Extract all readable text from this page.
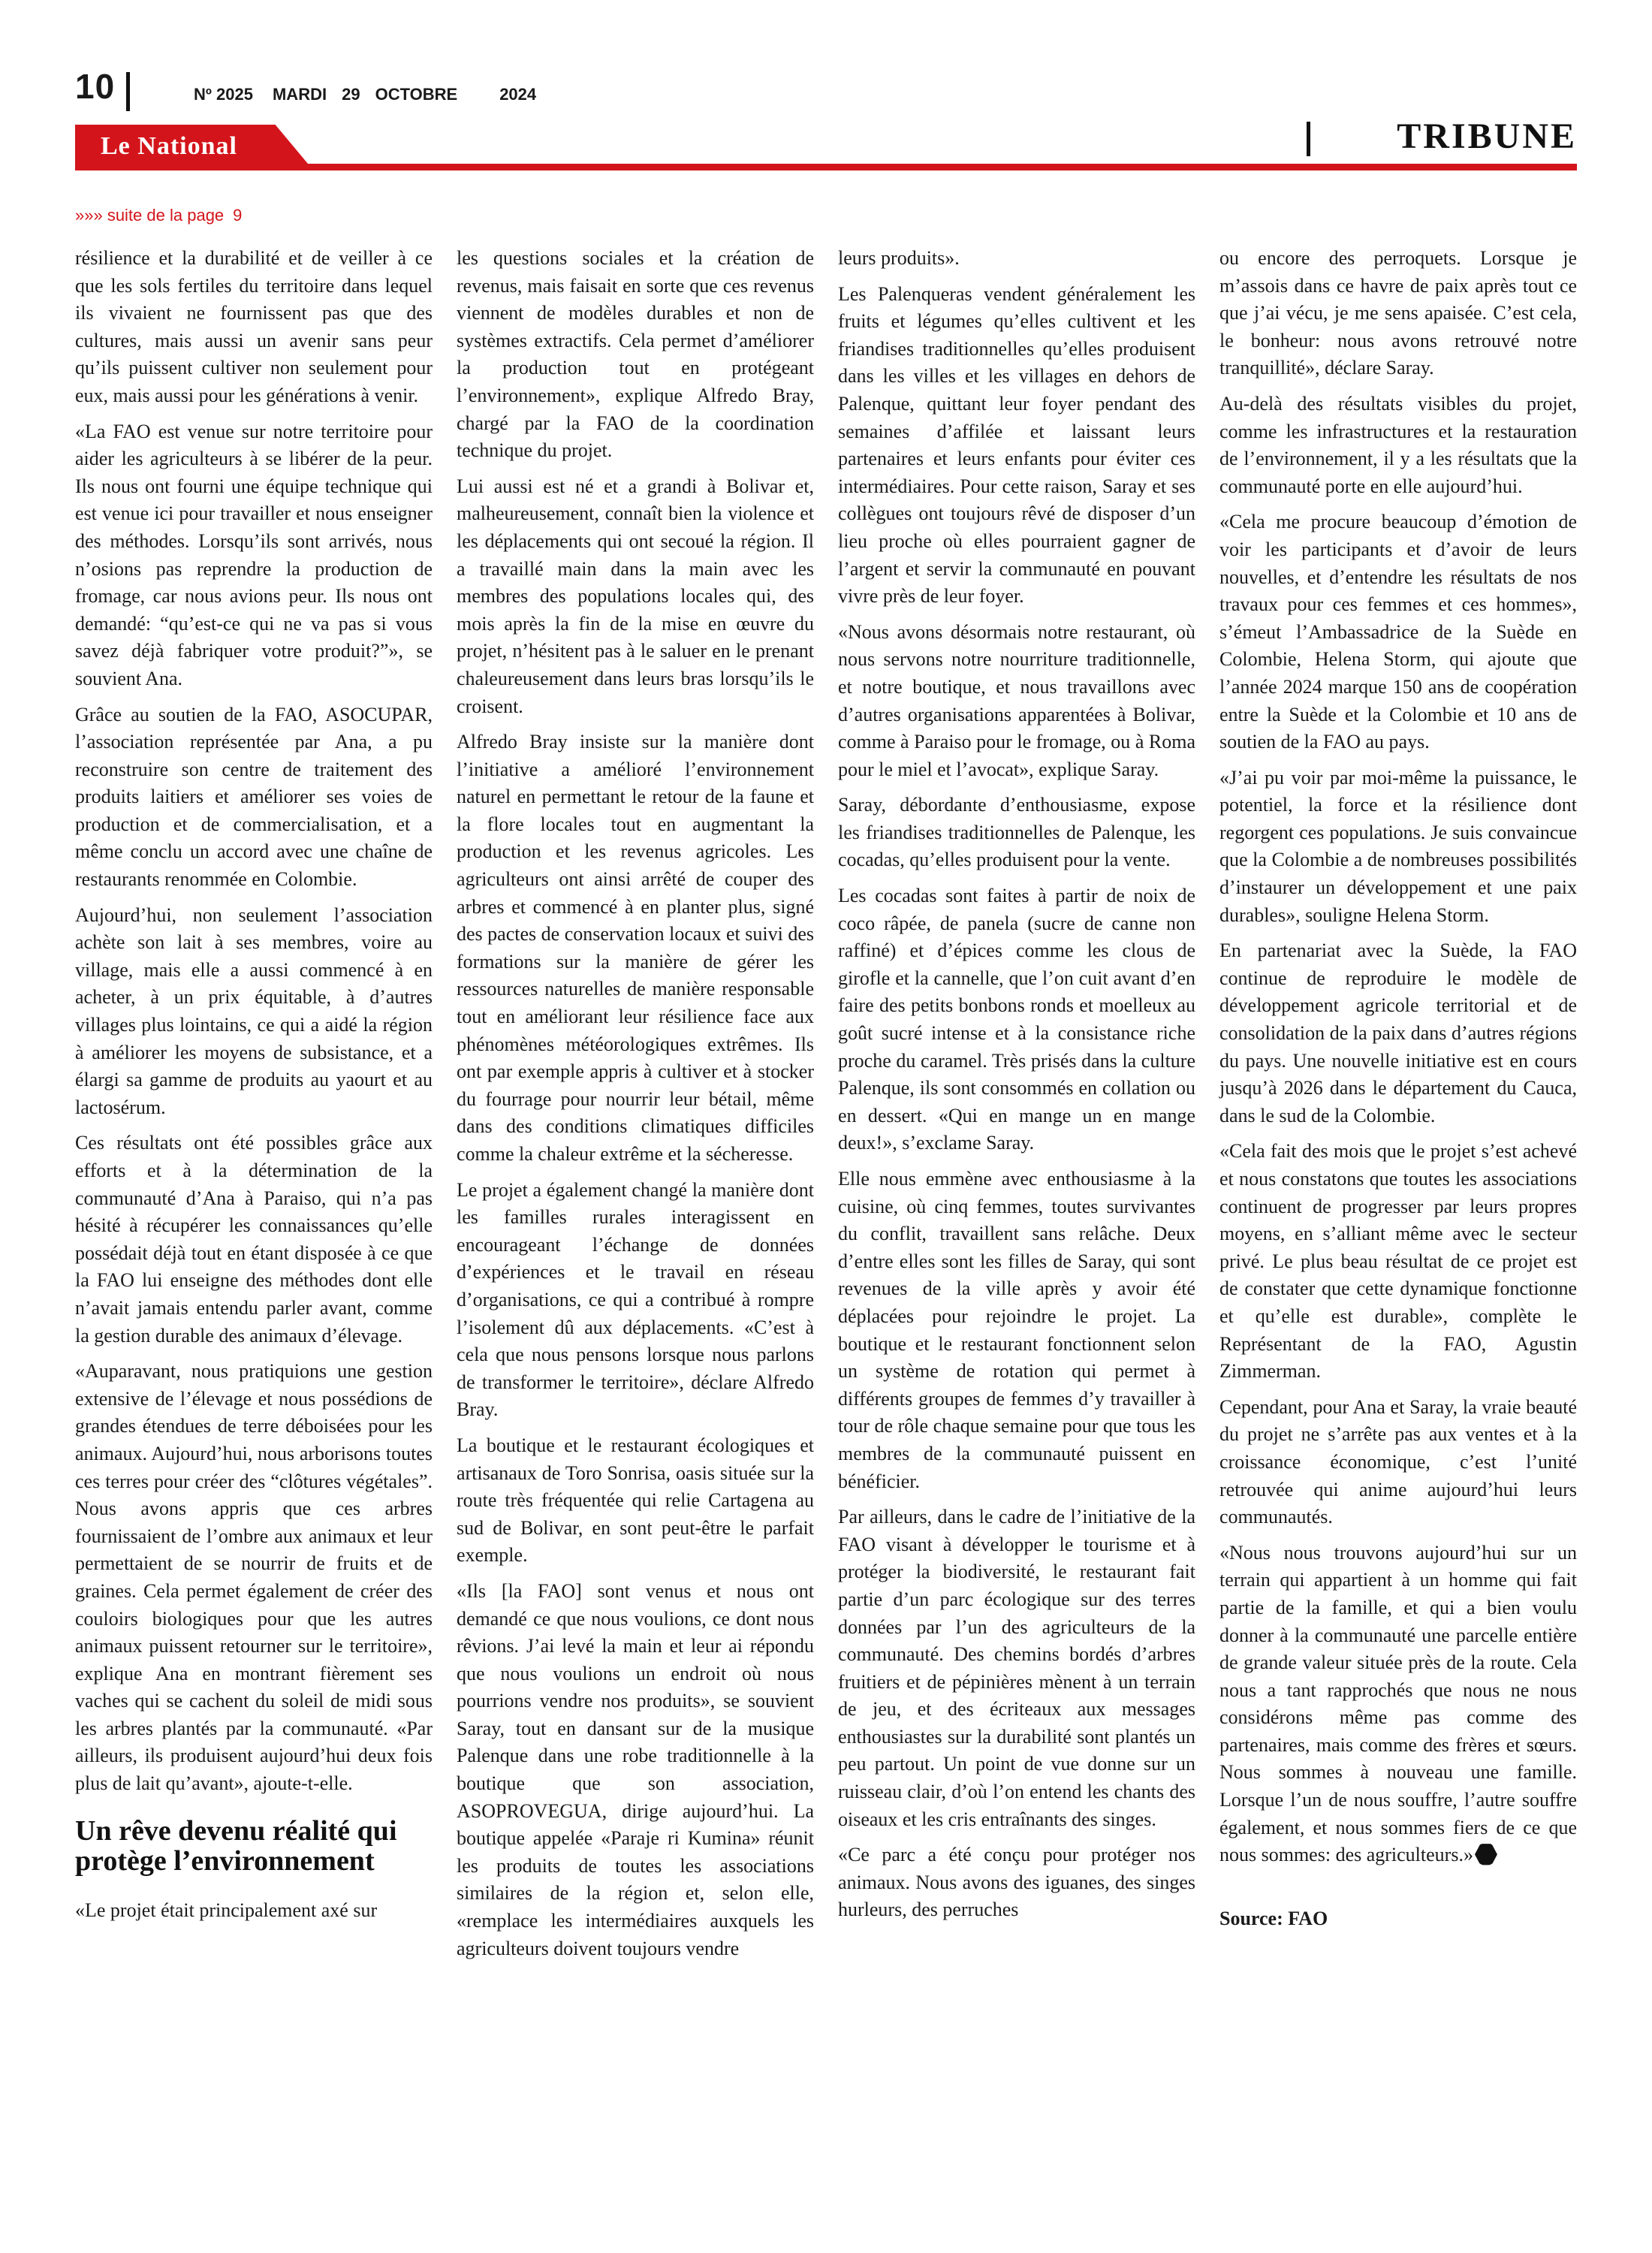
10	Nº 2025 MARDI 29 OCTOBRE	2024
Le National	TRIBUNE
»»» suite de la page 9

résilience et la durabilité et de veiller à ce que les sols fertiles du territoire dans lequel ils vivaient ne fournissent pas que des cultures, mais aussi un avenir sans peur qu’ils puissent cultiver non seulement pour eux, mais aussi pour les générations à venir.

«La FAO est venue sur notre territoire pour aider les agriculteurs à se libérer de la peur. Ils nous ont fourni une équipe technique qui est venue ici pour travailler et nous enseigner des méthodes. Lorsqu’ils sont arrivés, nous n’osions pas reprendre la production de fromage, car nous avions peur. Ils nous ont demandé: “qu’est-ce qui ne va pas si vous savez déjà fabriquer votre produit?”», se souvient Ana.

Grâce au soutien de la FAO, ASOCUPAR, l’association représentée par Ana, a pu reconstruire son centre de traitement des produits laitiers et améliorer ses voies de production et de commercialisation, et a même conclu un accord avec une chaîne de restaurants renommée en Colombie.

Aujourd’hui, non seulement l’association achète son lait à ses membres, voire au village, mais elle a aussi commencé à en acheter, à un prix équitable, à d’autres villages plus lointains, ce qui a aidé la région à améliorer les moyens de subsistance, et a élargi sa gamme de produits au yaourt et au lactosérum.

Ces résultats ont été possibles grâce aux efforts et à la détermination de la communauté d’Ana à Paraiso, qui n’a pas hésité à récupérer les connaissances qu’elle possédait déjà tout en étant disposée à ce que la FAO lui enseigne des méthodes dont elle n’avait jamais entendu parler avant, comme la gestion durable des animaux d’élevage.

«Auparavant, nous pratiquions une gestion extensive de l’élevage et nous possédions de grandes étendues de terre déboisées pour les animaux. Aujourd’hui, nous arborisons toutes ces terres pour créer des “clôtures végétales”. Nous avons appris que ces arbres fournissaient de l’ombre aux animaux et leur permettaient de se nourrir de fruits et de graines. Cela permet également de créer des couloirs biologiques pour que les autres animaux puissent retourner sur le territoire», explique Ana en montrant fièrement ses vaches qui se cachent du soleil de midi sous les arbres plantés par la communauté. «Par ailleurs, ils produisent aujourd’hui deux fois plus de lait qu’avant», ajoute-t-elle.

Un rêve devenu réalité qui protège l’environnement

«Le projet était principalement axé sur

les questions sociales et la création de revenus, mais faisait en sorte que ces revenus viennent de modèles durables et non de systèmes extractifs. Cela permet d’améliorer la production tout en protégeant l’environnement», explique Alfredo Bray, chargé par la FAO de la coordination technique du projet.

Lui aussi est né et a grandi à Bolivar et, malheureusement, connaît bien la violence et les déplacements qui ont secoué la région. Il a travaillé main dans la main avec les membres des populations locales qui, des mois après la fin de la mise en œuvre du projet, n’hésitent pas à le saluer en le prenant chaleureusement dans leurs bras lorsqu’ils le croisent.

Alfredo Bray insiste sur la manière dont l’initiative a amélioré l’environnement naturel en permettant le retour de la faune et la flore locales tout en augmentant la production et les revenus agricoles. Les agriculteurs ont ainsi arrêté de couper des arbres et commencé à en planter plus, signé des pactes de conservation locaux et suivi des formations sur la manière de gérer les ressources naturelles de manière responsable tout en améliorant leur résilience face aux phénomènes météorologiques extrêmes. Ils ont par exemple appris à cultiver et à stocker du fourrage pour nourrir leur bétail, même dans des conditions climatiques difficiles comme la chaleur extrême et la sécheresse.

Le projet a également changé la manière dont les familles rurales interagissent en encourageant l’échange de données d’expériences et le travail en réseau d’organisations, ce qui a contribué à rompre l’isolement dû aux déplacements. «C’est à cela que nous pensons lorsque nous parlons de transformer le territoire», déclare Alfredo Bray.

La boutique et le restaurant écologiques et artisanaux de Toro Sonrisa, oasis située sur la route très fréquentée qui relie Cartagena au sud de Bolivar, en sont peut-être le parfait exemple.

«Ils [la FAO] sont venus et nous ont demandé ce que nous voulions, ce dont nous rêvions. J’ai levé la main et leur ai répondu que nous voulions un endroit où nous pourrions vendre nos produits», se souvient Saray, tout en dansant sur de la musique Palenque dans une robe traditionnelle à la boutique que son association, ASOPROVEGUA, dirige aujourd’hui. La boutique appelée «Paraje ri Kumina» réunit les produits de toutes les associations similaires de la région et, selon elle, «remplace les intermédiaires auxquels les agriculteurs doivent toujours vendre

leurs produits».

Les Palenqueras vendent généralement les fruits et légumes qu’elles cultivent et les friandises traditionnelles qu’elles produisent dans les villes et les villages en dehors de Palenque, quittant leur foyer pendant des semaines d’affilée et laissant leurs partenaires et leurs enfants pour éviter ces intermédiaires. Pour cette raison, Saray et ses collègues ont toujours rêvé de disposer d’un lieu proche où elles pourraient gagner de l’argent et servir la communauté en pouvant vivre près de leur foyer.

«Nous avons désormais notre restaurant, où nous servons notre nourriture traditionnelle, et notre boutique, et nous travaillons avec d’autres organisations apparentées à Bolivar, comme à Paraiso pour le fromage, ou à Roma pour le miel et l’avocat», explique Saray.

Saray, débordante d’enthousiasme, expose les friandises traditionnelles de Palenque, les cocadas, qu’elles produisent pour la vente.

Les cocadas sont faites à partir de noix de coco râpée, de panela (sucre de canne non raffiné) et d’épices comme les clous de girofle et la cannelle, que l’on cuit avant d’en faire des petits bonbons ronds et moelleux au goût sucré intense et à la consistance riche proche du caramel. Très prisés dans la culture Palenque, ils sont consommés en collation ou en dessert. «Qui en mange un en mange deux!», s’exclame Saray.

Elle nous emmène avec enthousiasme à la cuisine, où cinq femmes, toutes survivantes du conflit, travaillent sans relâche. Deux d’entre elles sont les filles de Saray, qui sont revenues de la ville après y avoir été déplacées pour rejoindre le projet. La boutique et le restaurant fonctionnent selon un système de rotation qui permet à différents groupes de femmes d’y travailler à tour de rôle chaque semaine pour que tous les membres de la communauté puissent en bénéficier.

Par ailleurs, dans le cadre de l’initiative de la FAO visant à développer le tourisme et à protéger la biodiversité, le restaurant fait partie d’un parc écologique sur des terres données par l’un des agriculteurs de la communauté. Des chemins bordés d’arbres fruitiers et de pépinières mènent à un terrain de jeu, et des écriteaux aux messages enthousiastes sur la durabilité sont plantés un peu partout. Un point de vue donne sur un ruisseau clair, d’où l’on entend les chants des oiseaux et les cris entraînants des singes.

«Ce parc a été conçu pour protéger nos animaux. Nous avons des iguanes, des singes hurleurs, des perruches

ou encore des perroquets. Lorsque je m’assois dans ce havre de paix après tout ce que j’ai vécu, je me sens apaisée. C’est cela, le bonheur: nous avons retrouvé notre tranquillité», déclare Saray.

Au-delà des résultats visibles du projet, comme les infrastructures et la restauration de l’environnement, il y a les résultats que la communauté porte en elle aujourd’hui.

«Cela me procure beaucoup d’émotion de voir les participants et d’avoir de leurs nouvelles, et d’entendre les résultats de nos travaux pour ces femmes et ces hommes», s’émeut l’Ambassadrice de la Suède en Colombie, Helena Storm, qui ajoute que l’année 2024 marque 150 ans de coopération entre la Suède et la Colombie et 10 ans de soutien de la FAO au pays.

«J’ai pu voir par moi-même la puissance, le potentiel, la force et la résilience dont regorgent ces populations. Je suis convaincue que la Colombie a de nombreuses possibilités d’instaurer un développement et une paix durables», souligne Helena Storm.

En partenariat avec la Suède, la FAO continue de reproduire le modèle de développement agricole territorial et de consolidation de la paix dans d’autres régions du pays. Une nouvelle initiative est en cours jusqu’à 2026 dans le département du Cauca, dans le sud de la Colombie.

«Cela fait des mois que le projet s’est achevé et nous constatons que toutes les associations continuent de progresser par leurs propres moyens, en s’alliant même avec le secteur privé. Le plus beau résultat de ce projet est de constater que cette dynamique fonctionne et qu’elle est durable», complète le Représentant de la FAO, Agustin Zimmerman.

Cependant, pour Ana et Saray, la vraie beauté du projet ne s’arrête pas aux ventes et à la croissance économique, c’est l’unité retrouvée qui anime aujourd’hui leurs communautés.

«Nous nous trouvons aujourd’hui sur un terrain qui appartient à un homme qui fait partie de la famille, et qui a bien voulu donner à la communauté une parcelle entière de grande valeur située près de la route. Cela nous a tant rapprochés que nous ne nous considérons même pas comme des partenaires, mais comme des frères et sœurs. Nous sommes à nouveau une famille. Lorsque l’un de nous souffre, l’autre souffre également, et nous sommes fiers de ce que nous sommes: des agriculteurs.»

Source: FAO
